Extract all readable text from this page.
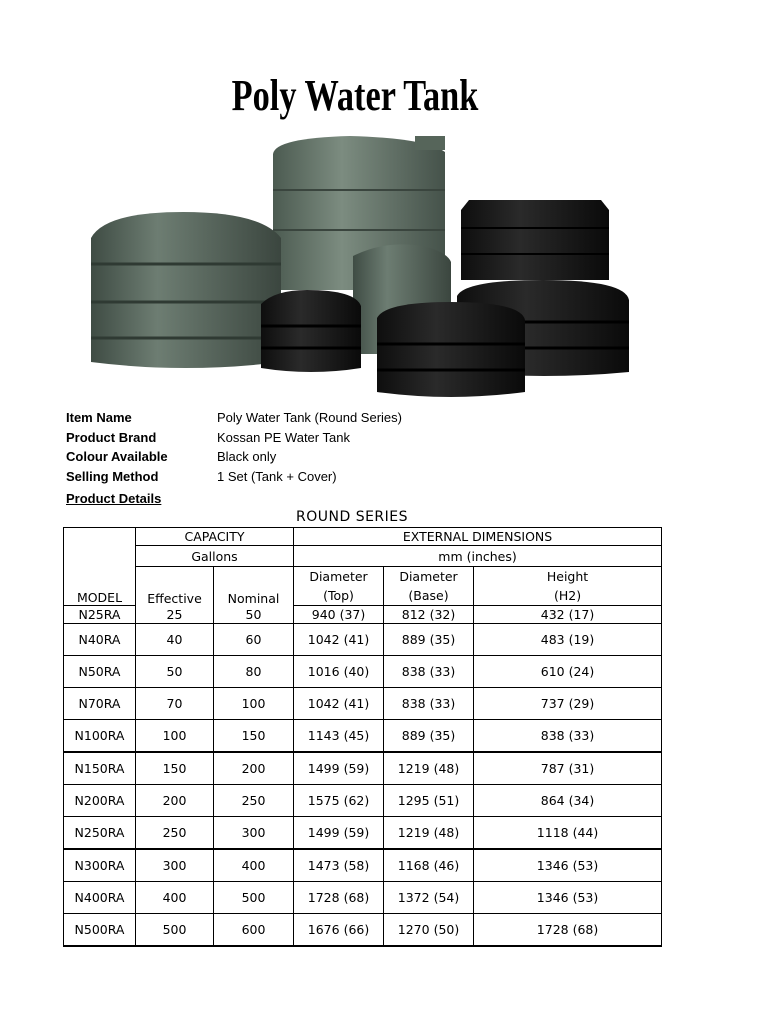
Poly Water Tank
Item Name	Poly Water Tank (Round Series)
Product Brand	Kossan PE Water Tank
Colour Available	Black only
Selling Method	1 Set (Tank + Cover)
Product Details
ROUND SERIES
MODEL	CAPACITY		EXTERNAL DIMENSIONS		
	Gallons		mm (inches)		
	Effective	Nominal	Diameter	Diameter	Height
			(Top)	(Base)	(H2)
N25RA	25	50	940 (37)	812 (32)	432 (17)
N40RA	40	60	1042 (41)	889 (35)	483 (19)
N50RA	50	80	1016 (40)	838 (33)	610 (24)
N70RA	70	100	1042 (41)	838 (33)	737 (29)
N100RA	100	150	1143 (45)	889 (35)	838 (33)
N150RA	150	200	1499 (59)	1219 (48)	787 (31)
N200RA	200	250	1575 (62)	1295 (51)	864 (34)
N250RA	250	300	1499 (59)	1219 (48)	1118 (44)
N300RA	300	400	1473 (58)	1168 (46)	1346 (53)
N400RA	400	500	1728 (68)	1372 (54)	1346 (53)
N500RA	500	600	1676 (66)	1270 (50)	1728 (68)
